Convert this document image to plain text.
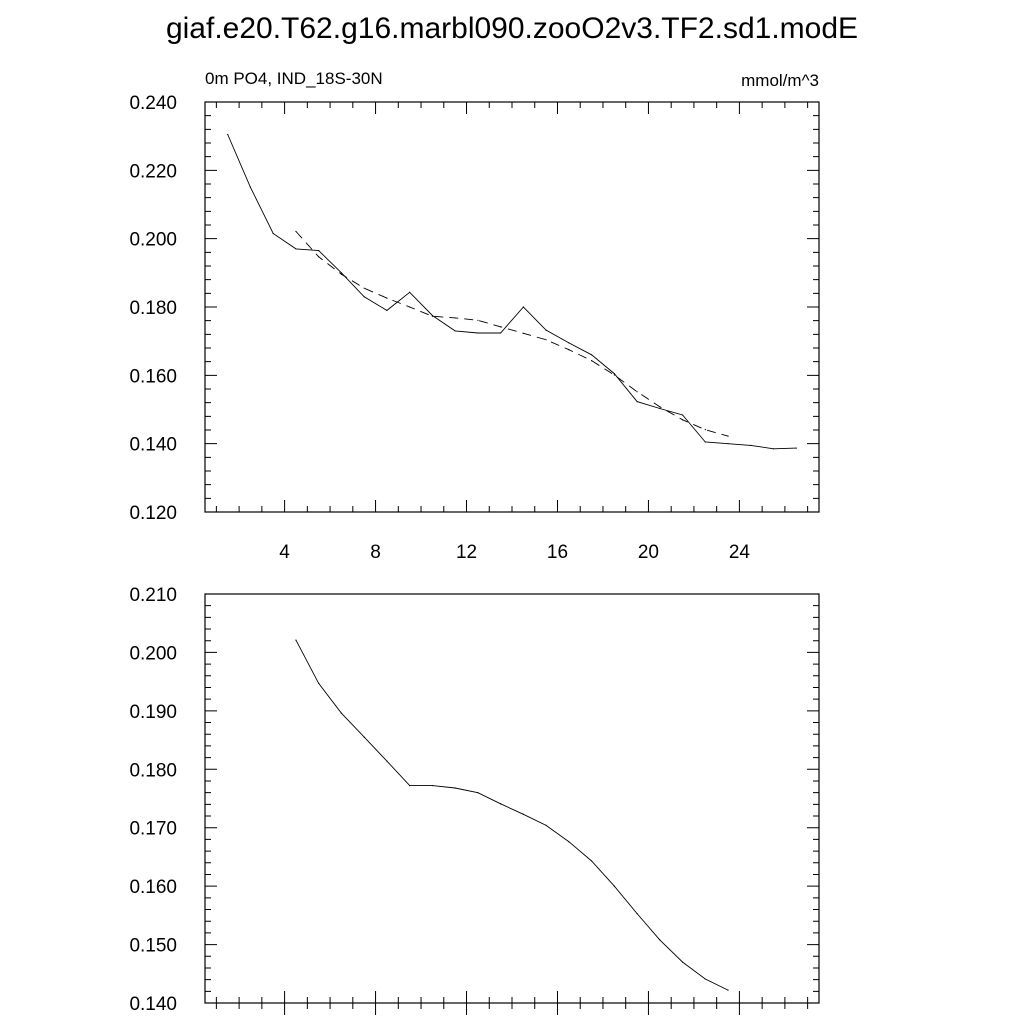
giaf.e20.T62.g16.marbl090.zooO2v3.TF2.sd1.modE
0m PO4, IND_18S-30N	mmol/m^3
0.120
0.140
0.160
0.180
0.200
0.220
0.240
4	8	12	16	20	24
0.140
0.150
0.160
0.170
0.180
0.190
0.200
0.210
